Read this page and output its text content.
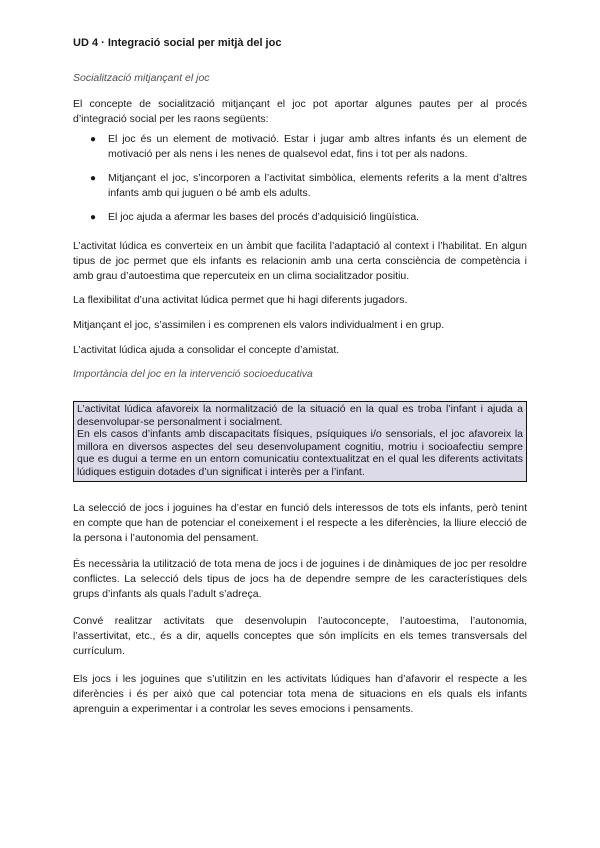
UD 4 · Integració social per mitjà del joc
Socialització mitjançant el joc

El concepte de socialització mitjançant el joc pot aportar algunes pautes per al procés d’integració social per les raons següents:

● El joc és un element de motivació. Estar i jugar amb altres infants és un element de motivació per als nens i les nenes de qualsevol edat, fins i tot per als nadons.
● Mitjançant el joc, s’incorporen a l’activitat simbòlica, elements referits a la ment d’altres infants amb qui juguen o bé amb els adults.
● El joc ajuda a afermar les bases del procés d’adquisició lingüística.

L’activitat lúdica es converteix en un àmbit que facilita l’adaptació al context i l’habilitat. En algun tipus de joc permet que els infants es relacionin amb una certa consciència de competència i amb grau d’autoestima que repercuteix en un clima socialitzador positiu.

La flexibilitat d’una activitat lúdica permet que hi hagi diferents jugadors.

Mitjançant el joc, s’assimilen i es comprenen els valors individualment i en grup.

L’activitat lúdica ajuda a consolidar el concepte d’amistat.

Importància del joc en la intervenció socioeducativa

L’activitat lúdica afavoreix la normalització de la situació en la qual es troba l’infant i ajuda a desenvolupar-se personalment i socialment.

En els casos d’infants amb discapacitats físiques, psíquiques i/o sensorials, el joc afavoreix la millora en diversos aspectes del seu desenvolupament cognitiu, motriu i socioafectiu sempre que es dugui a terme en un entorn comunicatiu contextualitzat en el qual les diferents activitats lúdiques estiguin dotades d’un significat i interès per a l’infant.

La selecció de jocs i joguines ha d’estar en funció dels interessos de tots els infants, però tenint en compte que han de potenciar el coneixement i el respecte a les diferències, la lliure elecció de la persona i l’autonomia del pensament.

És necessària la utilització de tota mena de jocs i de joguines i de dinàmiques de joc per resoldre conflictes. La selecció dels tipus de jocs ha de dependre sempre de les característiques dels grups d’infants als quals l’adult s’adreça.

Convé realitzar activitats que desenvolupin l’autoconcepte, l’autoestima, l’autonomia, l’assertivitat, etc., és a dir, aquells conceptes que són implícits en els temes transversals del currículum.

Els jocs i les joguines que s’utilitzin en les activitats lúdiques han d’afavorir el respecte a les diferències i és per això que cal potenciar tota mena de situacions en els quals els infants aprenguin a experimentar i a controlar les seves emocions i pensaments.
